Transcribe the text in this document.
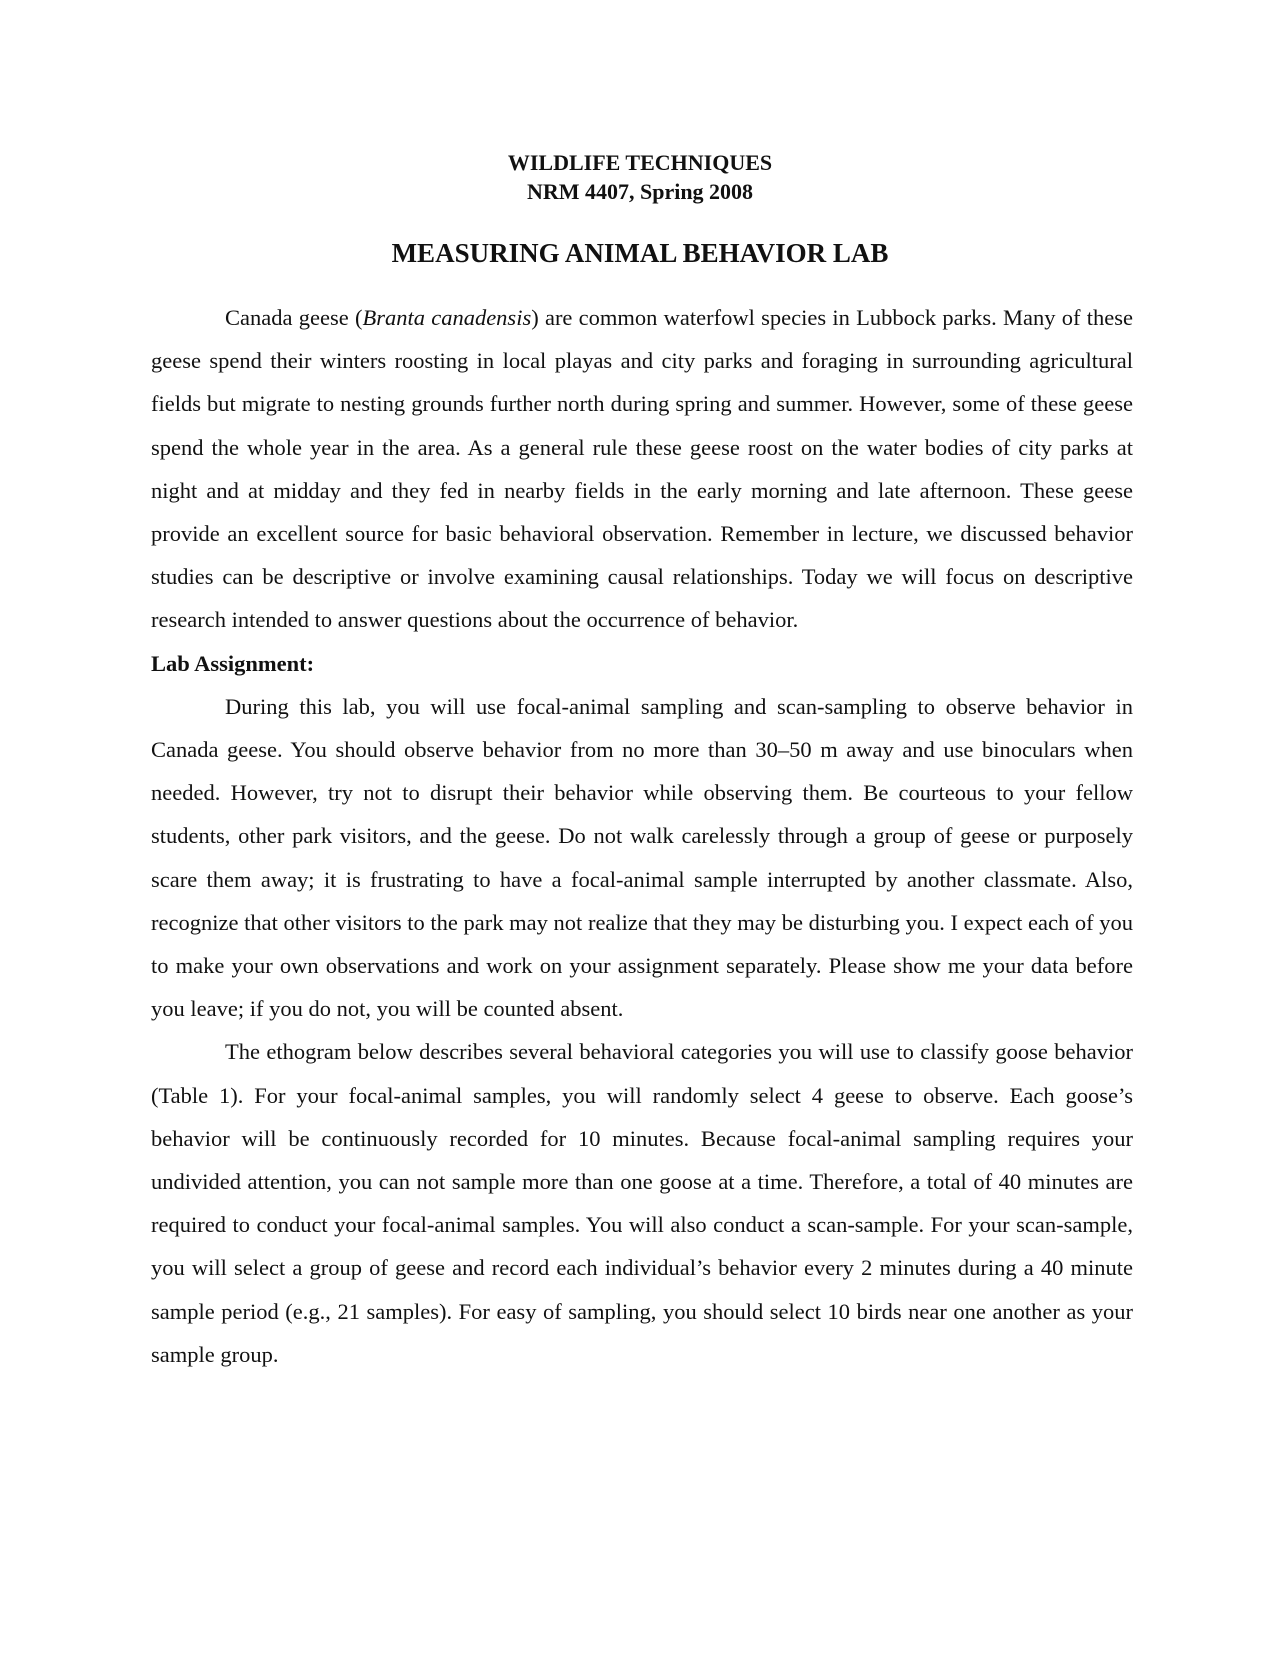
WILDLIFE TECHNIQUES
NRM 4407, Spring 2008
MEASURING ANIMAL BEHAVIOR LAB

Canada geese (Branta canadensis) are common waterfowl species in Lubbock parks. Many of these geese spend their winters roosting in local playas and city parks and foraging in surrounding agricultural fields but migrate to nesting grounds further north during spring and summer. However, some of these geese spend the whole year in the area. As a general rule these geese roost on the water bodies of city parks at night and at midday and they fed in nearby fields in the early morning and late afternoon. These geese provide an excellent source for basic behavioral observation. Remember in lecture, we discussed behavior studies can be descriptive or involve examining causal relationships. Today we will focus on descriptive research intended to answer questions about the occurrence of behavior.

Lab Assignment:

During this lab, you will use focal-animal sampling and scan-sampling to observe behavior in Canada geese. You should observe behavior from no more than 30–50 m away and use binoculars when needed. However, try not to disrupt their behavior while observing them. Be courteous to your fellow students, other park visitors, and the geese. Do not walk carelessly through a group of geese or purposely scare them away; it is frustrating to have a focal-animal sample interrupted by another classmate. Also, recognize that other visitors to the park may not realize that they may be disturbing you. I expect each of you to make your own observations and work on your assignment separately. Please show me your data before you leave; if you do not, you will be counted absent.

The ethogram below describes several behavioral categories you will use to classify goose behavior (Table 1). For your focal-animal samples, you will randomly select 4 geese to observe. Each goose’s behavior will be continuously recorded for 10 minutes. Because focal-animal sampling requires your undivided attention, you can not sample more than one goose at a time. Therefore, a total of 40 minutes are required to conduct your focal-animal samples. You will also conduct a scan-sample. For your scan-sample, you will select a group of geese and record each individual’s behavior every 2 minutes during a 40 minute sample period (e.g., 21 samples). For easy of sampling, you should select 10 birds near one another as your sample group.
